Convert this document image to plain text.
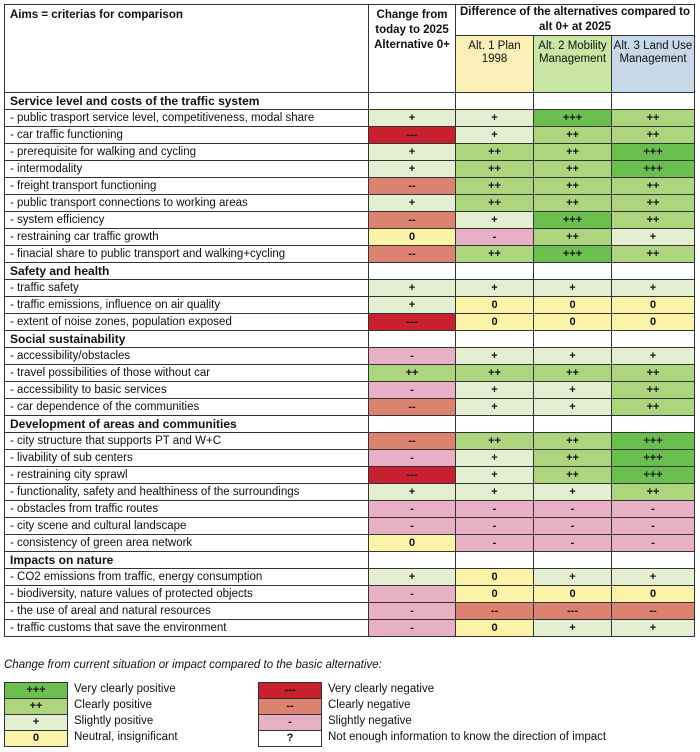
Aims = criterias for comparison	Change from today to 2025 Alternative 0+	Difference of the alternatives compared to alt 0+ at 2025		
		Alt. 1 Plan 1998	Alt. 2 Mobility Management	Alt. 3 Land Use Management
Service level and costs of the traffic system				
- public trasport service level, competitiveness, modal share	+	+	+++	++
- car traffic functioning	---	+	++	++
- prerequisite for walking and cycling	+	++	++	+++
- intermodality	+	++	++	+++
- freight transport functioning	--	++	++	++
- public transport connections to working areas	+	++	++	++
- system efficiency	--	+	+++	++
- restraining car traffic growth	0	-	++	+
- finacial share to public transport and walking+cycling	--	++	+++	++
Safety and health				
- traffic safety	+	+	+	+
- traffic emissions, influence on air quality	+	0	0	0
- extent of noise zones, population exposed	---	0	0	0
Social sustainability				
- accessibility/obstacles	-	+	+	+
- travel possibilities of those without car	++	++	++	++
- accessibility to basic services	-	+	+	++
- car dependence of the communities	--	+	+	++
Development of areas and communities				
- city structure that supports PT and W+C	--	++	++	+++
- livability of sub centers	-	+	++	+++
- restraining city sprawl	---	+	++	+++
- functionality, safety and healthiness of the surroundings	+	+	+	++
- obstacles from traffic routes	-	-	-	-
- city scene and cultural landscape	-	-	-	-
- consistency of green area network	0	-	-	-
Impacts on nature				
- CO2 emissions from traffic, energy consumption	+	0	+	+
- biodiversity, nature values of protected objects	-	0	0	0
- the use of areal and natural resources	-	--	---	--
- traffic customs that save the environment	-	0	+	+
Change from current situation or impact compared to the basic alternative:
+++	Very clearly positive
++	Clearly positive
+	Slightly positive
0	Neutral, insignificant
---	Very clearly negative
--	Clearly negative
-	Slightly negative
?	Not enough information to know the direction of impact
